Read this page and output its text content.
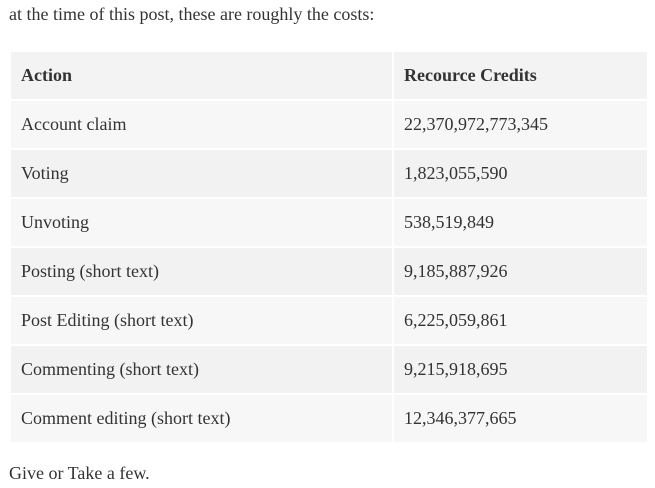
at the time of this post, these are roughly the costs:

Action	Recource Credits
Account claim	22,370,972,773,345
Voting	1,823,055,590
Unvoting	538,519,849
Posting (short text)	9,185,887,926
Post Editing (short text)	6,225,059,861
Commenting (short text)	9,215,918,695
Comment editing (short text)	12,346,377,665

Give or Take a few.
